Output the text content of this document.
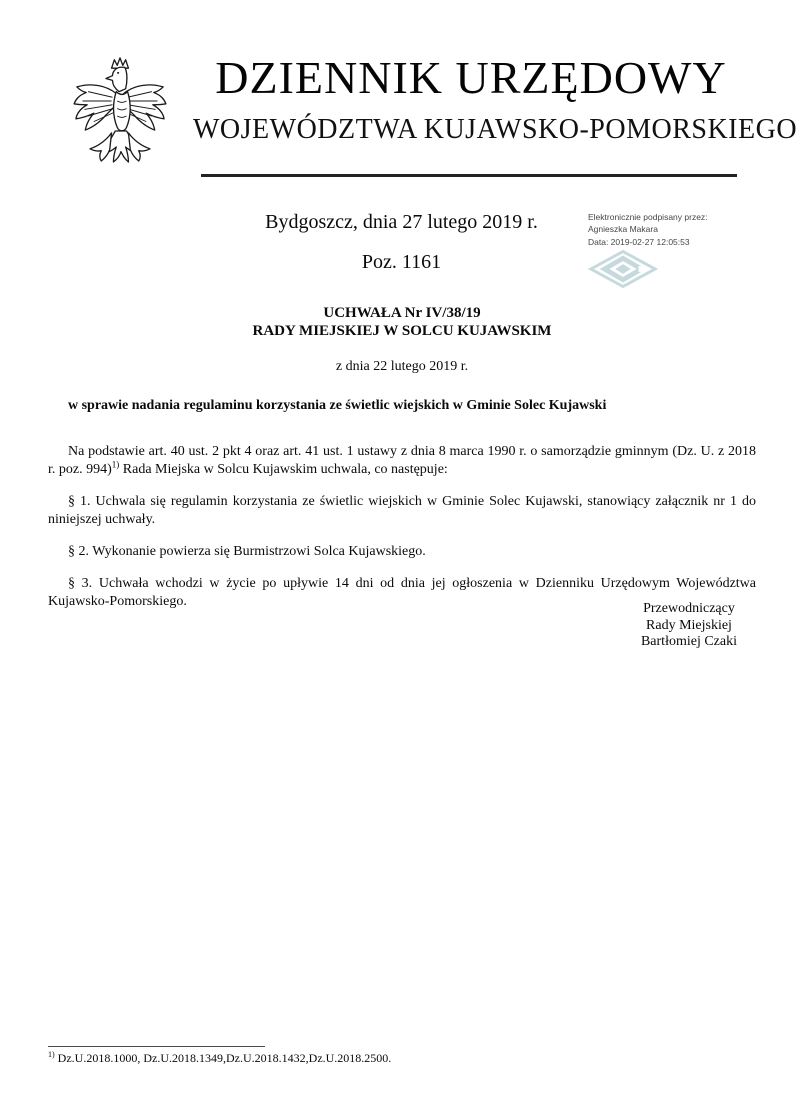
DZIENNIK URZĘDOWY
WOJEWÓDZTWA KUJAWSKO-POMORSKIEGO
Bydgoszcz, dnia 27 lutego 2019 r.
Poz. 1161
Elektronicznie podpisany przez:
Agnieszka Makara
Data: 2019-02-27 12:05:53
UCHWAŁA Nr IV/38/19
RADY MIEJSKIEJ W SOLCU KUJAWSKIM
z dnia 22 lutego 2019 r.
w sprawie nadania regulaminu korzystania ze świetlic wiejskich w Gminie Solec Kujawski

Na podstawie art. 40 ust. 2 pkt 4 oraz art. 41 ust. 1 ustawy z dnia 8 marca 1990 r. o samorządzie gminnym (Dz. U. z 2018 r. poz. 994)$^{1)}$ Rada Miejska w Solcu Kujawskim uchwala, co następuje:

§ 1. Uchwala się regulamin korzystania ze świetlic wiejskich w Gminie Solec Kujawski, stanowiący załącznik nr 1 do niniejszej uchwały.

§ 2. Wykonanie powierza się Burmistrzowi Solca Kujawskiego.

§ 3. Uchwała wchodzi w życie po upływie 14 dni od dnia jej ogłoszenia w Dzienniku Urzędowym Województwa Kujawsko-Pomorskiego.	Przewodniczący
Rady Miejskiej
Bartłomiej Czaki
$^{1)}$ Dz.U.2018.1000, Dz.U.2018.1349,Dz.U.2018.1432,Dz.U.2018.2500.
